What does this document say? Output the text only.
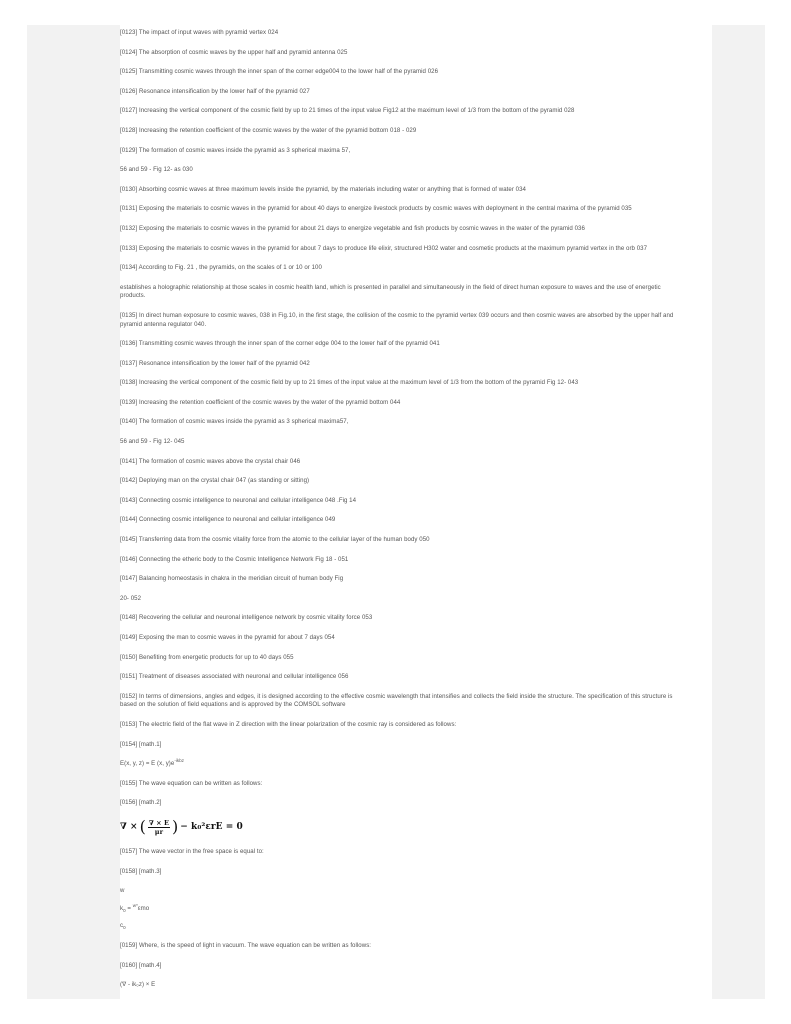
[0123] The impact of input waves with pyramid vertex 024

[0124] The absorption of cosmic waves by the upper half and pyramid antenna 025

[0125] Transmitting cosmic waves through the inner span of the corner edge004 to the lower half of the pyramid 026

[0126] Resonance intensification by the lower half of the pyramid 027

[0127] Increasing the vertical component of the cosmic field by up to 21 times of the input value Fig12 at the maximum level of 1/3 from the bottom of the pyramid 028

[0128] Increasing the retention coefficient of the cosmic waves by the water of the pyramid bottom 018 - 029

[0129] The formation of cosmic waves inside the pyramid as 3 spherical maxima 57,

56 and 59 - Fig 12- as 030

[0130] Absorbing cosmic waves at three maximum levels inside the pyramid, by the materials including water or anything that is formed of water 034

[0131] Exposing the materials to cosmic waves in the pyramid for about 40 days to energize livestock products by cosmic waves with deployment in the central maxima of the pyramid 035

[0132] Exposing the materials to cosmic waves in the pyramid for about 21 days to energize vegetable and fish products by cosmic waves in the water of the pyramid 036

[0133] Exposing the materials to cosmic waves in the pyramid for about 7 days to produce life elixir, structured H302 water and cosmetic products at the maximum pyramid vertex in the orb 037

[0134] According to Fig. 21 , the pyramids, on the scales of 1 or 10 or 100

establishes a holographic relationship at those scales in cosmic health land, which is presented in parallel and simultaneously in the field of direct human exposure to waves and the use of energetic products.

[0135] In direct human exposure to cosmic waves, 038 in Fig.10, in the first stage, the collision of the cosmic to the pyramid vertex 039 occurs and then cosmic waves are absorbed by the upper half and pyramid antenna regulator 040.

[0136] Transmitting cosmic waves through the inner span of the corner edge 004 to the lower half of the pyramid 041

[0137] Resonance intensification by the lower half of the pyramid 042

[0138] Increasing the vertical component of the cosmic field by up to 21 times of the input value at the maximum level of 1/3 from the bottom of the pyramid Fig 12- 043

[0139] Increasing the retention coefficient of the cosmic waves by the water of the pyramid bottom 044

[0140] The formation of cosmic waves inside the pyramid as 3 spherical maxima57,

56 and 59 - Fig 12- 045

[0141] The formation of cosmic waves above the crystal chair 046

[0142] Deploying man on the crystal chair 047 (as standing or sitting)

[0143] Connecting cosmic intelligence to neuronal and cellular intelligence 048 .Fig 14

[0144] Connecting cosmic intelligence to neuronal and cellular intelligence 049

[0145] Transferring data from the cosmic vitality force from the atomic to the cellular layer of the human body 050

[0146] Connecting the etheric body to the Cosmic Intelligence Network Fig 18 - 051

[0147] Balancing homeostasis in chakra in the meridian circuit of human body Fig

20- 052

[0148] Recovering the cellular and neuronal intelligence network by cosmic vitality force 053

[0149] Exposing the man to cosmic waves in the pyramid for about 7 days 054

[0150] Benefiting from energetic products for up to 40 days 055

[0151] Treatment of diseases associated with neuronal and cellular intelligence 056

[0152] In terms of dimensions, angles and edges, it is designed according to the effective cosmic wavelength that intensifies and collects the field inside the structure. The specification of this structure is based on the solution of field equations and is approved by the COMSOL software

[0153] The electric field of the flat wave in Z direction with the linear polarization of the cosmic ray is considered as follows:

[0154] [math.1]

E(x, y, z) = E (x, $y)e^{-ikbz}$

[0155] The wave equation can be written as follows:

[0156] [math.2]

∇ × ( $\frac{\nabla \times E}{\mu r}$ ) − k₀²εrE = 0

[0157] The wave vector in the free space is equal to:

[0158] [math.3]

w

$k_0 = ^{w*}\varepsilon mo$

$c_0$

[0159] Where, is the speed of light in vacuum. The wave equation can be written as follows:

[0160] [math.4]

(∇ - ik₀z) × E
